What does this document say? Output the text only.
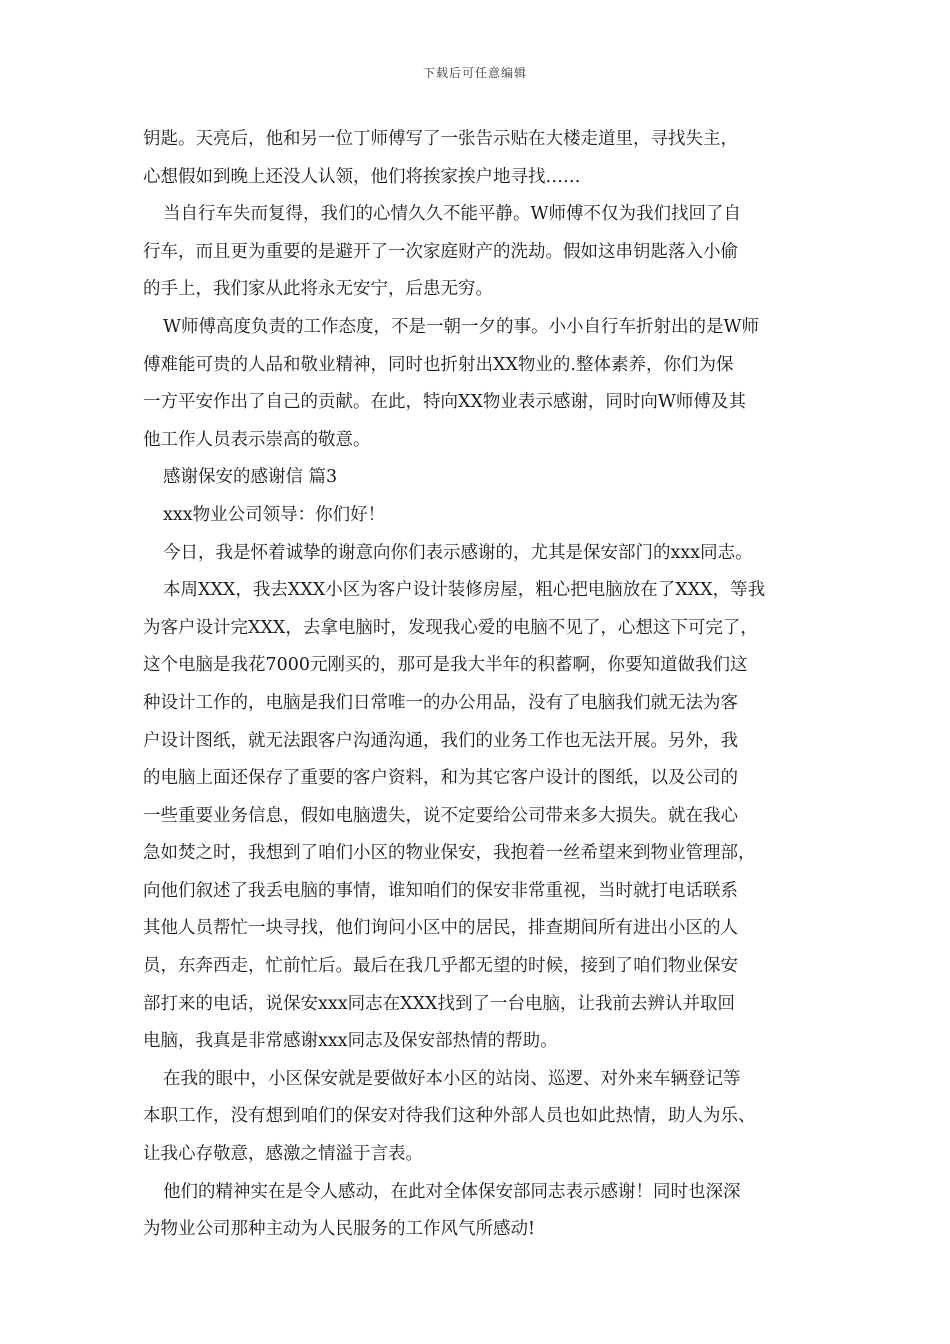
下载后可任意编辑
钥匙。天亮后，他和另一位丁师傅写了一张告示贴在大楼走道里，寻找失主，
心想假如到晚上还没人认领，他们将挨家挨户地寻找……
当自行车失而复得，我们的心情久久不能平静。W师傅不仅为我们找回了自
行车，而且更为重要的是避开了一次家庭财产的洗劫。假如这串钥匙落入小偷
的手上，我们家从此将永无安宁，后患无穷。
W师傅高度负责的工作态度，不是一朝一夕的事。小小自行车折射出的是W师
傅难能可贵的人品和敬业精神，同时也折射出XX物业的.整体素养，你们为保
一方平安作出了自己的贡献。在此，特向XX物业表示感谢，同时向W师傅及其
他工作人员表示崇高的敬意。
感谢保安的感谢信 篇3
xxx物业公司领导：你们好！
今日，我是怀着诚挚的谢意向你们表示感谢的，尤其是保安部门的xxx同志。
本周XXX，我去XXX小区为客户设计装修房屋，粗心把电脑放在了XXX，等我
为客户设计完XXX，去拿电脑时，发现我心爱的电脑不见了，心想这下可完了，
这个电脑是我花7000元刚买的，那可是我大半年的积蓄啊，你要知道做我们这
种设计工作的，电脑是我们日常唯一的办公用品，没有了电脑我们就无法为客
户设计图纸，就无法跟客户沟通沟通，我们的业务工作也无法开展。另外，我
的电脑上面还保存了重要的客户资料，和为其它客户设计的图纸，以及公司的
一些重要业务信息，假如电脑遗失，说不定要给公司带来多大损失。就在我心
急如焚之时，我想到了咱们小区的物业保安，我抱着一丝希望来到物业管理部，
向他们叙述了我丢电脑的事情，谁知咱们的保安非常重视，当时就打电话联系
其他人员帮忙一块寻找，他们询问小区中的居民，排查期间所有进出小区的人
员，东奔西走，忙前忙后。最后在我几乎都无望的时候，接到了咱们物业保安
部打来的电话，说保安xxx同志在XXX找到了一台电脑，让我前去辨认并取回
电脑，我真是非常感谢xxx同志及保安部热情的帮助。
在我的眼中，小区保安就是要做好本小区的站岗、巡逻、对外来车辆登记等
本职工作，没有想到咱们的保安对待我们这种外部人员也如此热情，助人为乐、
让我心存敬意，感激之情溢于言表。
他们的精神实在是令人感动，在此对全体保安部同志表示感谢！同时也深深
为物业公司那种主动为人民服务的工作风气所感动!
